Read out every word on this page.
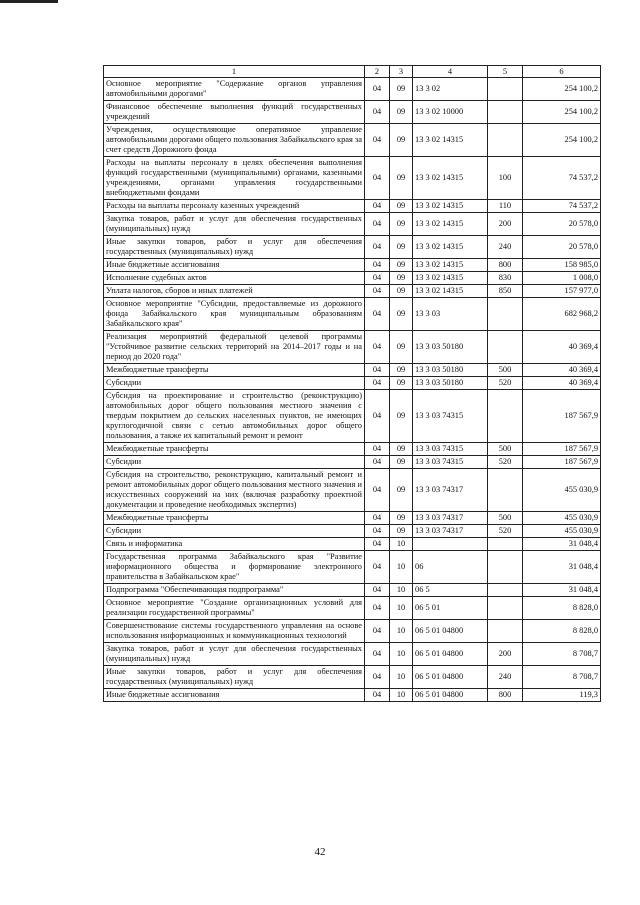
1	2	3	4	5	6
Основное мероприятие "Содержание органов управления автомобильными дорогами"	04	09	13 3 02		254 100,2
Финансовое обеспечение выполнения функций государственных учреждений	04	09	13 3 02 10000		254 100,2
Учреждения, осуществляющие оперативное управление автомобильными дорогами общего пользования Забайкальского края за счет средств Дорожного фонда	04	09	13 3 02 14315		254 100,2
Расходы на выплаты персоналу в целях обеспечения выполнения функций государственными (муниципальными) органами, казенными учреждениями, органами управления государственными внебюджетными фондами	04	09	13 3 02 14315	100	74 537,2
Расходы на выплаты персоналу казенных учреждений	04	09	13 3 02 14315	110	74 537,2
Закупка товаров, работ и услуг для обеспечения государственных (муниципальных) нужд	04	09	13 3 02 14315	200	20 578,0
Иные закупки товаров, работ и услуг для обеспечения государственных (муниципальных) нужд	04	09	13 3 02 14315	240	20 578,0
Иные бюджетные ассигнования	04	09	13 3 02 14315	800	158 985,0
Исполнение судебных актов	04	09	13 3 02 14315	830	1 008,0
Уплата налогов, сборов и иных платежей	04	09	13 3 02 14315	850	157 977,0
Основное мероприятие "Субсидии, предоставляемые из дорожного фонда Забайкальского края муниципальным образованиям Забайкальского края"	04	09	13 3 03		682 968,2
Реализация мероприятий федеральной целевой программы "Устойчивое развитие сельских территорий на 2014–2017 годы и на период до 2020 года"	04	09	13 3 03 50180		40 369,4
Межбюджетные трансферты	04	09	13 3 03 50180	500	40 369,4
Субсидии	04	09	13 3 03 50180	520	40 369,4
Субсидия на проектирование и строительство (реконструкцию) автомобильных дорог общего пользования местного значения с твердым покрытием до сельских населенных пунктов, не имеющих круглогодичной связи с сетью автомобильных дорог общего пользования, а также их капитальный ремонт и ремонт	04	09	13 3 03 74315		187 567,9
Межбюджетные трансферты	04	09	13 3 03 74315	500	187 567,9
Субсидии	04	09	13 3 03 74315	520	187 567,9
Субсидия на строительство, реконструкцию, капитальный ремонт и ремонт автомобильных дорог общего пользования местного значения и искусственных сооружений на них (включая разработку проектной документации и проведение необходимых экспертиз)	04	09	13 3 03 74317		455 030,9
Межбюджетные трансферты	04	09	13 3 03 74317	500	455 030,9
Субсидии	04	09	13 3 03 74317	520	455 030,9
Связь и информатика	04	10			31 048,4
Государственная программа Забайкальского края "Развитие информационного общества и формирование электронного правительства в Забайкальском крае"	04	10	06		31 048,4
Подпрограмма "Обеспечивающая подпрограмма"	04	10	06 5		31 048,4
Основное мероприятие "Создание организационных условий для реализации государственной программы"	04	10	06 5 01		8 828,0
Совершенствование системы государственного управления на основе использования информационных и коммуникационных технологий	04	10	06 5 01 04800		8 828,0
Закупка товаров, работ и услуг для обеспечения государственных (муниципальных) нужд	04	10	06 5 01 04800	200	8 708,7
Иные закупки товаров, работ и услуг для обеспечения государственных (муниципальных) нужд	04	10	06 5 01 04800	240	8 708,7
Иные бюджетные ассигнования	04	10	06 5 01 04800	800	119,3
42
